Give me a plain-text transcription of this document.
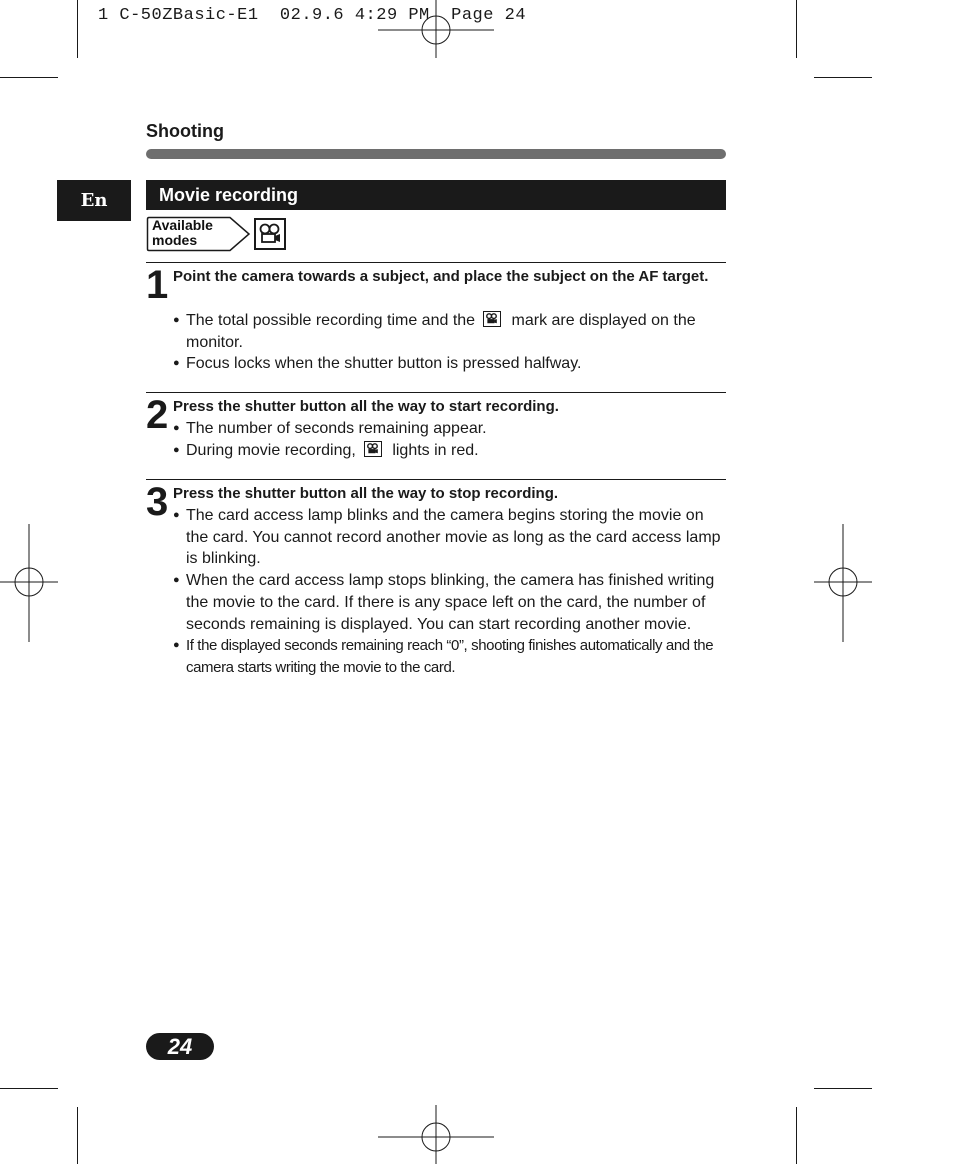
1 C-50ZBasic-E1  02.9.6 4:29 PM  Page 24
Shooting
En	Movie recording
Available
modes
1 Point the camera towards a subject, and place the subject on the AF target.
● The total possible recording time and the mark are displayed on the monitor.
● Focus locks when the shutter button is pressed halfway.
2 Press the shutter button all the way to start recording.
● The number of seconds remaining appear.
● During movie recording, lights in red.
3 Press the shutter button all the way to stop recording.
● The card access lamp blinks and the camera begins storing the movie on the card. You cannot record another movie as long as the card access lamp is blinking.
● When the card access lamp stops blinking, the camera has finished writing the movie to the card. If there is any space left on the card, the number of seconds remaining is displayed. You can start recording another movie.
● If the displayed seconds remaining reach “0”, shooting finishes automatically and the camera starts writing the movie to the card.
24
